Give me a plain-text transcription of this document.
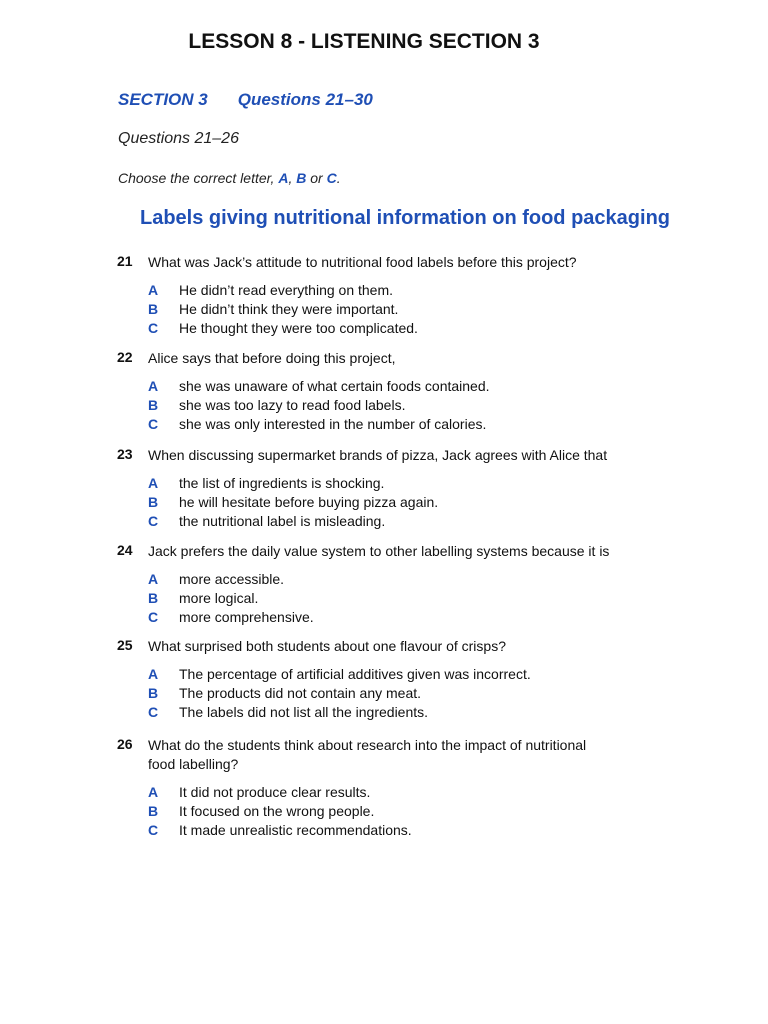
LESSON 8 - LISTENING SECTION 3
SECTION 3 Questions 21–30
Questions 21–26
Choose the correct letter, A, B or C.
Labels giving nutritional information on food packaging
21 What was Jack’s attitude to nutritional food labels before this project?
A He didn’t read everything on them.
B He didn’t think they were important.
C He thought they were too complicated.
22 Alice says that before doing this project,
A she was unaware of what certain foods contained.
B she was too lazy to read food labels.
C she was only interested in the number of calories.
23 When discussing supermarket brands of pizza, Jack agrees with Alice that
A the list of ingredients is shocking.
B he will hesitate before buying pizza again.
C the nutritional label is misleading.
24 Jack prefers the daily value system to other labelling systems because it is
A more accessible.
B more logical.
C more comprehensive.
25 What surprised both students about one flavour of crisps?
A The percentage of artificial additives given was incorrect.
B The products did not contain any meat.
C The labels did not list all the ingredients.
26 What do the students think about research into the impact of nutritional food labelling?
A It did not produce clear results.
B It focused on the wrong people.
C It made unrealistic recommendations.
